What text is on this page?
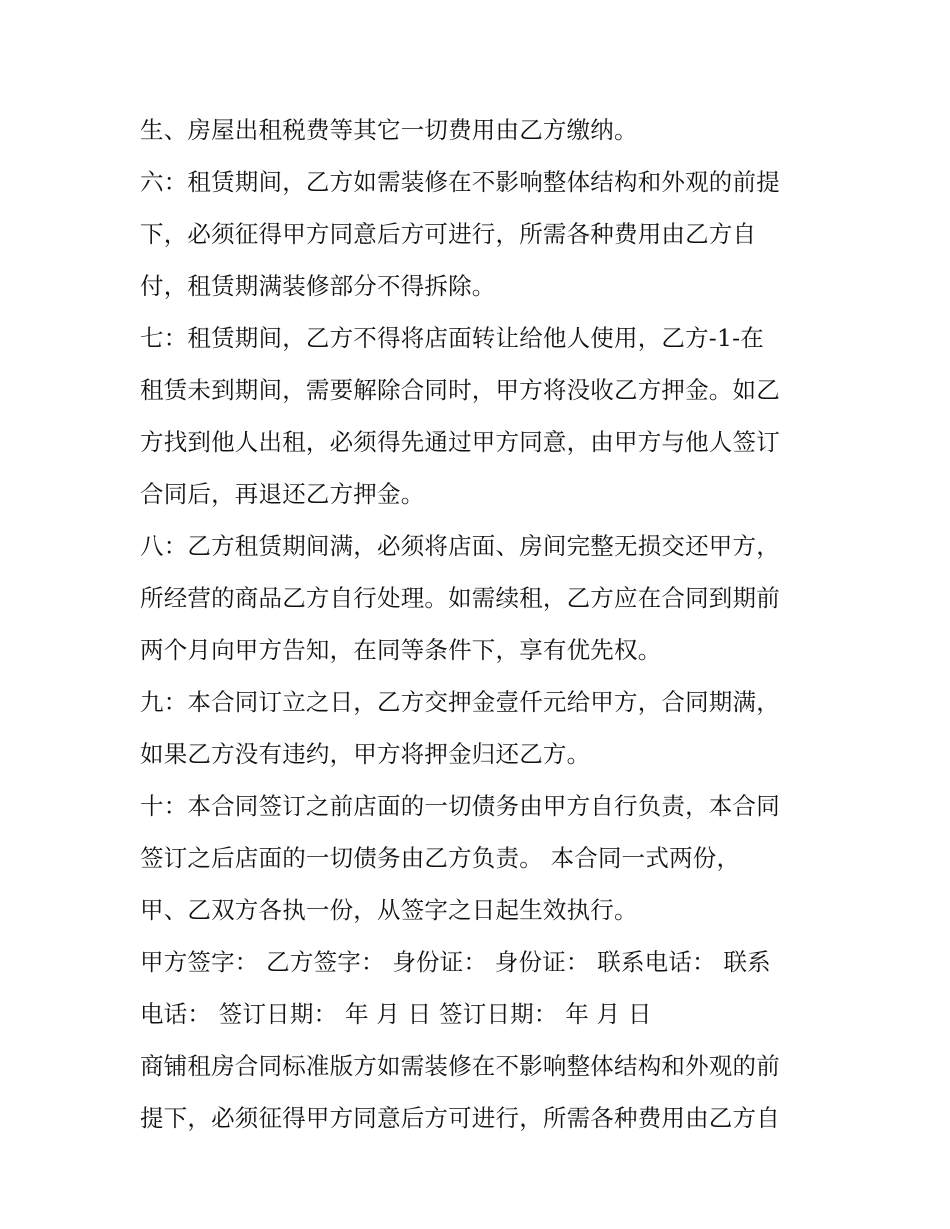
生、房屋出租税费等其它一切费用由乙方缴纳。
六：租赁期间，乙方如需装修在不影响整体结构和外观的前提
下，必须征得甲方同意后方可进行，所需各种费用由乙方自
付，租赁期满装修部分不得拆除。
七：租赁期间，乙方不得将店面转让给他人使用，乙方-1-在
租赁未到期间，需要解除合同时，甲方将没收乙方押金。如乙
方找到他人出租，必须得先通过甲方同意，由甲方与他人签订
合同后，再退还乙方押金。
八：乙方租赁期间满，必须将店面、房间完整无损交还甲方，
所经营的商品乙方自行处理。如需续租，乙方应在合同到期前
两个月向甲方告知，在同等条件下，享有优先权。
九：本合同订立之日，乙方交押金壹仟元给甲方，合同期满，
如果乙方没有违约，甲方将押金归还乙方。
十：本合同签订之前店面的一切债务由甲方自行负责，本合同
签订之后店面的一切债务由乙方负责。 本合同一式两份，
甲、乙双方各执一份，从签字之日起生效执行。
甲方签字： 乙方签字： 身份证： 身份证： 联系电话： 联系
电话： 签订日期： 年 月 日 签订日期： 年 月 日
商铺租房合同标准版方如需装修在不影响整体结构和外观的前
提下，必须征得甲方同意后方可进行，所需各种费用由乙方自
